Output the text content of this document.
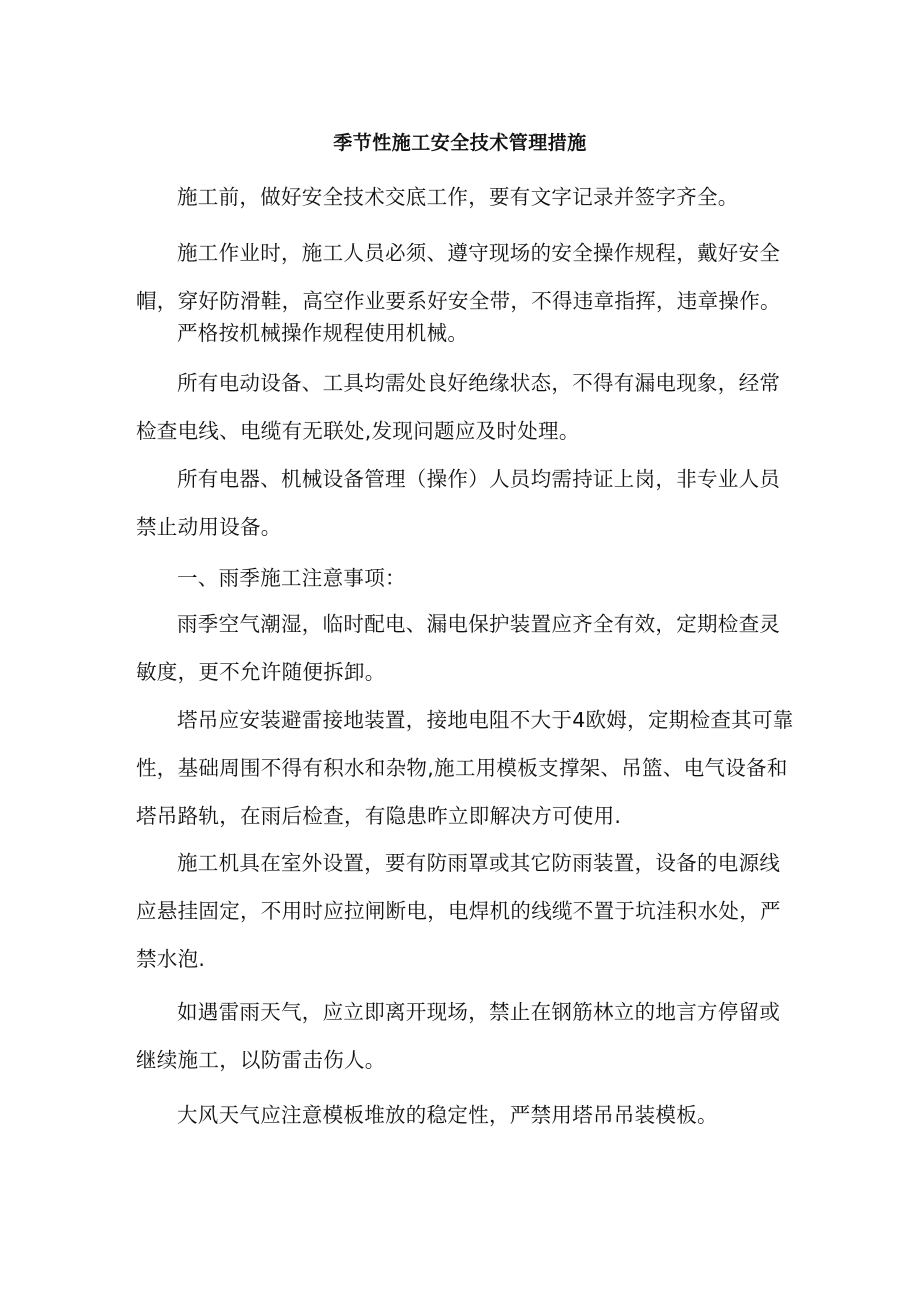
季节性施工安全技术管理措施

施工前，做好安全技术交底工作，要有文字记录并签字齐全。

施工作业时，施工人员必须、遵守现场的安全操作规程，戴好安全帽，穿好防滑鞋，高空作业要系好安全带，不得违章指挥，违章操作。

严格按机械操作规程使用机械。

所有电动设备、工具均需处良好绝缘状态，不得有漏电现象，经常检查电线、电缆有无联处,发现问题应及时处理。

所有电器、机械设备管理（操作）人员均需持证上岗，非专业人员禁止动用设备。

一、雨季施工注意事项：

雨季空气潮湿，临时配电、漏电保护装置应齐全有效，定期检查灵敏度，更不允许随便拆卸。

塔吊应安装避雷接地装置，接地电阻不大于4欧姆，定期检查其可靠性，基础周围不得有积水和杂物,施工用模板支撑架、吊篮、电气设备和塔吊路轨，在雨后检查，有隐患昨立即解决方可使用.

施工机具在室外设置，要有防雨罩或其它防雨装置，设备的电源线应悬挂固定，不用时应拉闸断电，电焊机的线缆不置于坑洼积水处，严禁水泡.

如遇雷雨天气，应立即离开现场，禁止在钢筋林立的地言方停留或继续施工，以防雷击伤人。

大风天气应注意模板堆放的稳定性，严禁用塔吊吊装模板。
